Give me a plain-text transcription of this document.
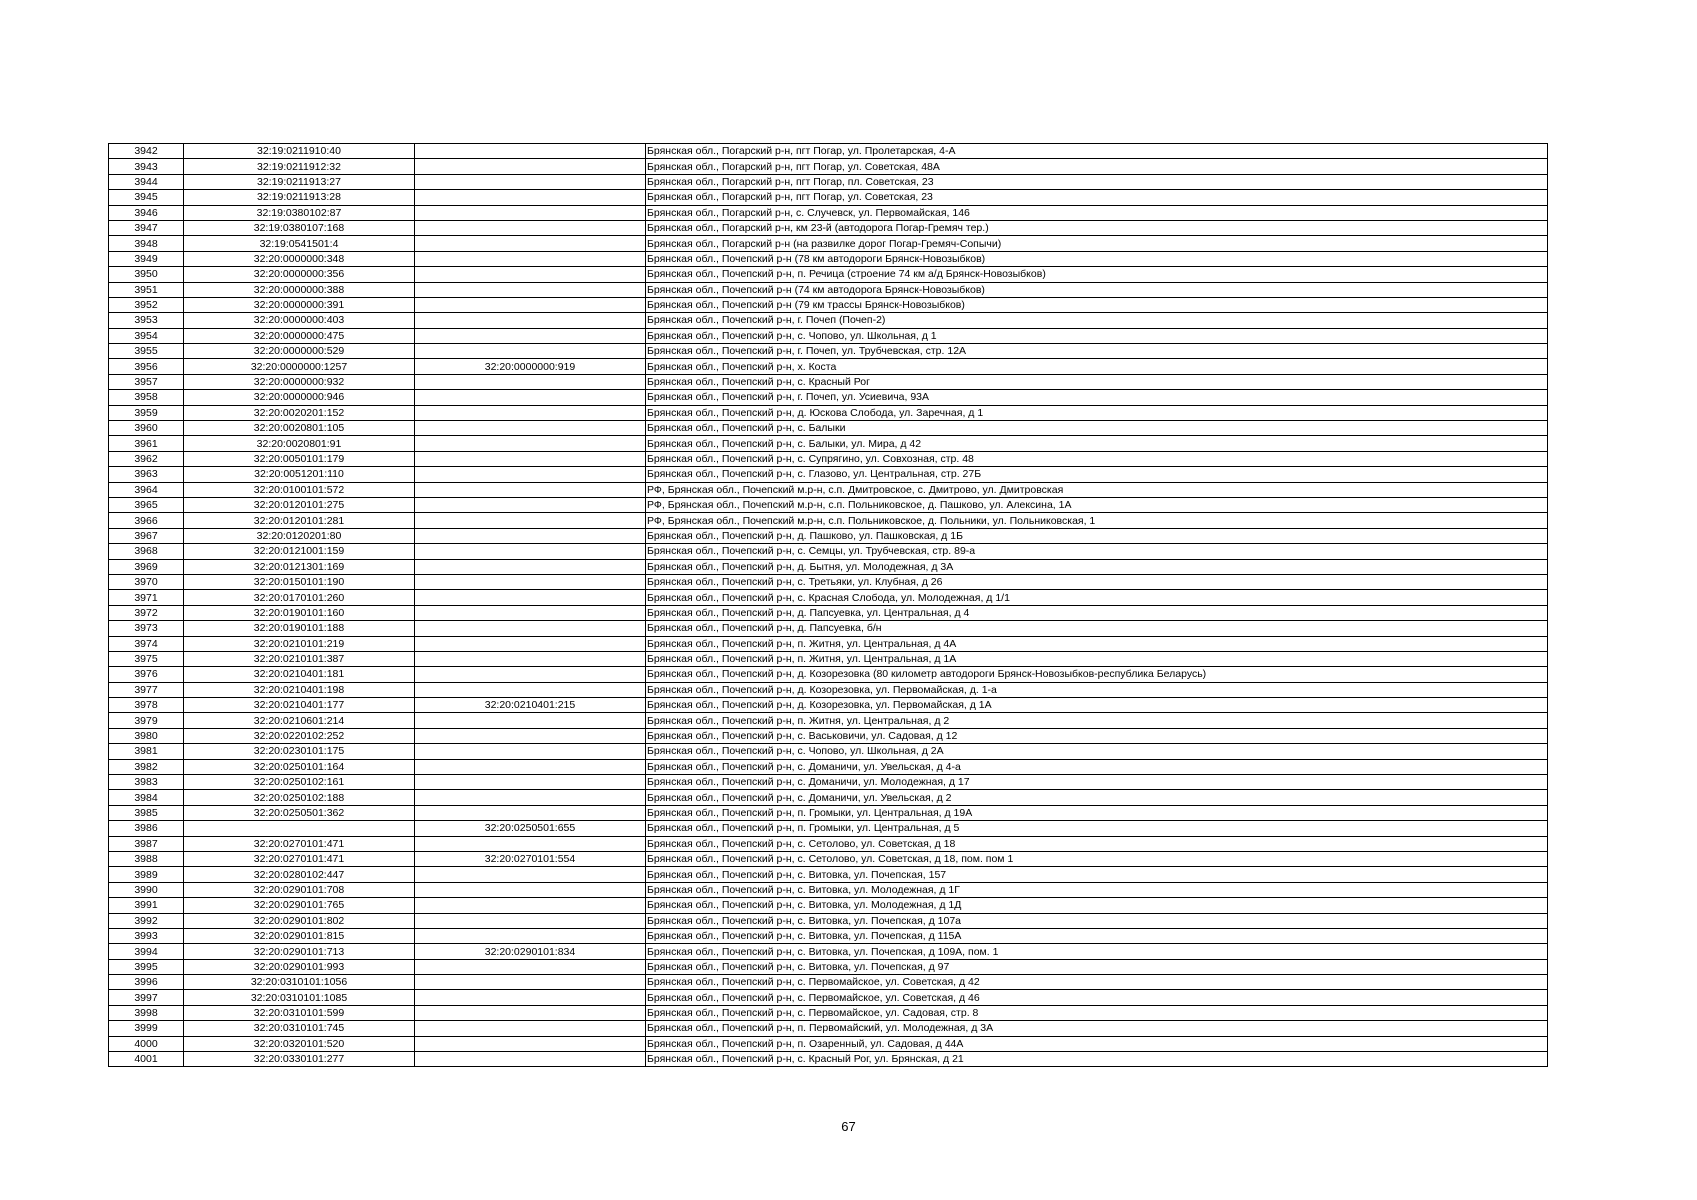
3942	32:19:0211910:40		Брянская обл., Погарский р-н, пгт Погар, ул. Пролетарская, 4-А
3943	32:19:0211912:32		Брянская обл., Погарский р-н, пгт Погар, ул. Советская, 48А
3944	32:19:0211913:27		Брянская обл., Погарский р-н, пгт Погар, пл. Советская, 23
3945	32:19:0211913:28		Брянская обл., Погарский р-н, пгт Погар, ул. Советская, 23
3946	32:19:0380102:87		Брянская обл., Погарский р-н, с. Случевск, ул. Первомайская, 146
3947	32:19:0380107:168		Брянская обл., Погарский р-н, км 23-й (автодорога Погар-Гремяч тер.)
3948	32:19:0541501:4		Брянская обл., Погарский р-н (на развилке дорог Погар-Гремяч-Сопычи)
3949	32:20:0000000:348		Брянская обл., Почепский р-н (78 км автодороги Брянск-Новозыбков)
3950	32:20:0000000:356		Брянская обл., Почепский р-н, п. Речица (строение 74 км а/д Брянск-Новозыбков)
3951	32:20:0000000:388		Брянская обл., Почепский р-н (74 км автодорога Брянск-Новозыбков)
3952	32:20:0000000:391		Брянская обл., Почепский р-н (79 км трассы Брянск-Новозыбков)
3953	32:20:0000000:403		Брянская обл., Почепский р-н, г. Почеп (Почеп-2)
3954	32:20:0000000:475		Брянская обл., Почепский р-н, с. Чопово, ул. Школьная, д 1
3955	32:20:0000000:529		Брянская обл., Почепский р-н, г. Почеп, ул. Трубчевская, стр. 12А
3956	32:20:0000000:1257	32:20:0000000:919	Брянская обл., Почепский р-н, х. Коста
3957	32:20:0000000:932		Брянская обл., Почепский р-н, с. Красный Рог
3958	32:20:0000000:946		Брянская обл., Почепский р-н, г. Почеп, ул. Усиевича, 93А
3959	32:20:0020201:152		Брянская обл., Почепский р-н, д. Юскова Слобода, ул. Заречная, д 1
3960	32:20:0020801:105		Брянская обл., Почепский р-н, с. Балыки
3961	32:20:0020801:91		Брянская обл., Почепский р-н, с. Балыки, ул. Мира, д 42
3962	32:20:0050101:179		Брянская обл., Почепский р-н, с. Супрягино, ул. Совхозная, стр. 48
3963	32:20:0051201:110		Брянская обл., Почепский р-н, с. Глазово, ул. Центральная, стр. 27Б
3964	32:20:0100101:572		РФ, Брянская обл., Почепский м.р-н, с.п. Дмитровское, с. Дмитрово, ул. Дмитровская
3965	32:20:0120101:275		РФ, Брянская обл., Почепский м.р-н, с.п. Польниковское, д. Пашково, ул. Алексина, 1А
3966	32:20:0120101:281		РФ, Брянская обл., Почепский м.р-н, с.п. Польниковское, д. Польники, ул. Польниковская, 1
3967	32:20:0120201:80		Брянская обл., Почепский р-н, д. Пашково, ул. Пашковская, д 1Б
3968	32:20:0121001:159		Брянская обл., Почепский р-н, с. Семцы, ул. Трубчевская, стр. 89-а
3969	32:20:0121301:169		Брянская обл., Почепский р-н, д. Бытня, ул. Молодежная, д 3А
3970	32:20:0150101:190		Брянская обл., Почепский р-н, с. Третьяки, ул. Клубная, д 26
3971	32:20:0170101:260		Брянская обл., Почепский р-н, с. Красная Слобода, ул. Молодежная, д 1/1
3972	32:20:0190101:160		Брянская обл., Почепский р-н, д. Папсуевка, ул. Центральная, д 4
3973	32:20:0190101:188		Брянская обл., Почепский р-н, д. Папсуевка, б/н
3974	32:20:0210101:219		Брянская обл., Почепский р-н, п. Житня, ул. Центральная, д 4А
3975	32:20:0210101:387		Брянская обл., Почепский р-н, п. Житня, ул. Центральная, д 1А
3976	32:20:0210401:181		Брянская обл., Почепский р-н, д. Козорезовка (80 километр автодороги Брянск-Новозыбков-республика Беларусь)
3977	32:20:0210401:198		Брянская обл., Почепский р-н, д. Козорезовка, ул. Первомайская, д. 1-а
3978	32:20:0210401:177	32:20:0210401:215	Брянская обл., Почепский р-н, д. Козорезовка, ул. Первомайская, д 1А
3979	32:20:0210601:214		Брянская обл., Почепский р-н, п. Житня, ул. Центральная, д 2
3980	32:20:0220102:252		Брянская обл., Почепский р-н, с. Васьковичи, ул. Садовая, д 12
3981	32:20:0230101:175		Брянская обл., Почепский р-н, с. Чопово, ул. Школьная, д 2А
3982	32:20:0250101:164		Брянская обл., Почепский р-н, с. Доманичи, ул. Увельская, д 4-а
3983	32:20:0250102:161		Брянская обл., Почепский р-н, с. Доманичи, ул. Молодежная, д 17
3984	32:20:0250102:188		Брянская обл., Почепский р-н, с. Доманичи, ул. Увельская, д 2
3985	32:20:0250501:362		Брянская обл., Почепский р-н, п. Громыки, ул. Центральная, д 19А
3986		32:20:0250501:655	Брянская обл., Почепский р-н, п. Громыки, ул. Центральная, д 5
3987	32:20:0270101:471		Брянская обл., Почепский р-н, с. Сетолово, ул. Советская, д 18
3988	32:20:0270101:471	32:20:0270101:554	Брянская обл., Почепский р-н, с. Сетолово, ул. Советская, д 18, пом. пом 1
3989	32:20:0280102:447		Брянская обл., Почепский р-н, с. Витовка, ул. Почепская, 157
3990	32:20:0290101:708		Брянская обл., Почепский р-н, с. Витовка, ул. Молодежная, д 1Г
3991	32:20:0290101:765		Брянская обл., Почепский р-н, с. Витовка, ул. Молодежная, д 1Д
3992	32:20:0290101:802		Брянская обл., Почепский р-н, с. Витовка, ул. Почепская, д 107а
3993	32:20:0290101:815		Брянская обл., Почепский р-н, с. Витовка, ул. Почепская, д 115А
3994	32:20:0290101:713	32:20:0290101:834	Брянская обл., Почепский р-н, с. Витовка, ул. Почепская, д 109А, пом. 1
3995	32:20:0290101:993		Брянская обл., Почепский р-н, с. Витовка, ул. Почепская, д 97
3996	32:20:0310101:1056		Брянская обл., Почепский р-н, с. Первомайское, ул. Советская, д 42
3997	32:20:0310101:1085		Брянская обл., Почепский р-н, с. Первомайское, ул. Советская, д 46
3998	32:20:0310101:599		Брянская обл., Почепский р-н, с. Первомайское, ул. Садовая, стр. 8
3999	32:20:0310101:745		Брянская обл., Почепский р-н, п. Первомайский, ул. Молодежная, д 3А
4000	32:20:0320101:520		Брянская обл., Почепский р-н, п. Озаренный, ул. Садовая, д 44А
4001	32:20:0330101:277		Брянская обл., Почепский р-н, с. Красный Рог, ул. Брянская, д 21
67
